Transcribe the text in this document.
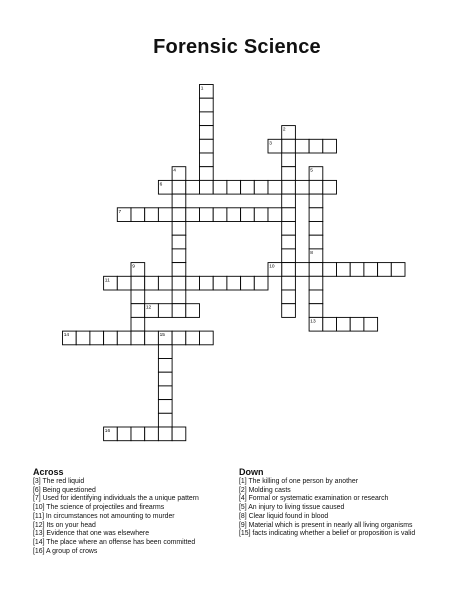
Forensic Science
1
2
3
4	5
8
6
7
13
9	10
11
12
14	15
16
Across
[3] The red liquid
[6] Being questioned
[7] Used for identifying individuals the a unique pattern
[10] The science of projectiles and firearms
[11] In circumstances not amounting to murder
[12] Its on your head
[13] Evidence that one was elsewhere
[14] The place where an offense has been committed
[16] A group of crows
Down
[1] The killing of one person by another
[2] Molding casts
[4] Formal or systematic examination or research
[5] An injury to living tissue caused
[8] Clear liquid found in blood
[9] Material which is present in nearly all living organisms
[15] facts indicating whether a belief or proposition is valid
